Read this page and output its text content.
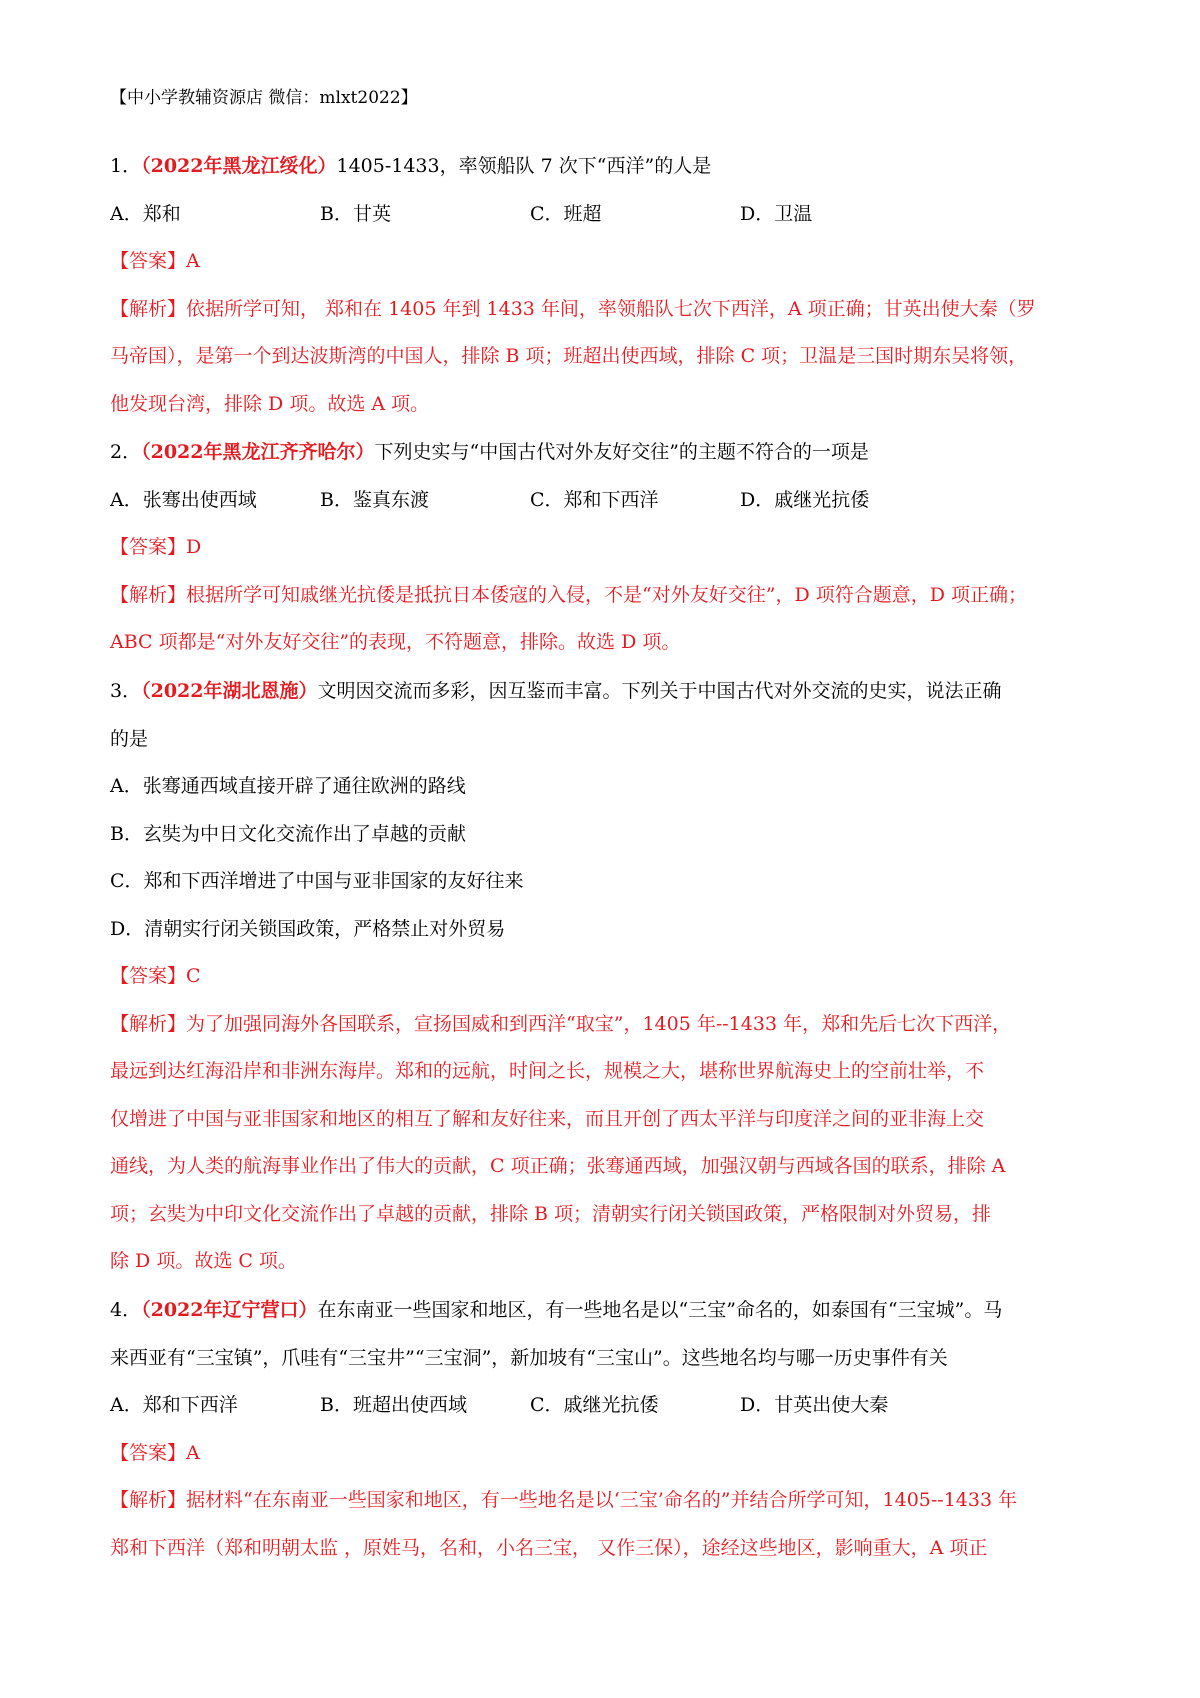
【中小学教辅资源店 微信：mlxt2022】
1．（2022年黑龙江绥化）1405-1433，率领船队 7 次下“西洋”的人是
A．郑和	B．甘英	C．班超	D．卫温
【答案】A
【解析】依据所学可知， 郑和在 1405 年到 1433 年间，率领船队七次下西洋，A 项正确；甘英出使大秦（罗
马帝国），是第一个到达波斯湾的中国人，排除 B 项；班超出使西域，排除 C 项；卫温是三国时期东吴将领，
他发现台湾，排除 D 项。故选 A 项。
2．（2022年黑龙江齐齐哈尔）下列史实与“中国古代对外友好交往”的主题不符合的一项是
A．张骞出使西域	B．鉴真东渡	C．郑和下西洋	D．戚继光抗倭
【答案】D
【解析】根据所学可知戚继光抗倭是抵抗日本倭寇的入侵，不是“对外友好交往”，D 项符合题意，D 项正确；
ABC 项都是“对外友好交往”的表现，不符题意，排除。故选 D 项。
3．（2022年湖北恩施）文明因交流而多彩，因互鉴而丰富。下列关于中国古代对外交流的史实，说法正确
的是
A．张骞通西域直接开辟了通往欧洲的路线
B．玄奘为中日文化交流作出了卓越的贡献
C．郑和下西洋增进了中国与亚非国家的友好往来
D．清朝实行闭关锁国政策，严格禁止对外贸易
【答案】C
【解析】为了加强同海外各国联系，宣扬国威和到西洋“取宝”，1405 年--1433 年，郑和先后七次下西洋，
最远到达红海沿岸和非洲东海岸。郑和的远航，时间之长，规模之大，堪称世界航海史上的空前壮举，不
仅增进了中国与亚非国家和地区的相互了解和友好往来，而且开创了西太平洋与印度洋之间的亚非海上交
通线，为人类的航海事业作出了伟大的贡献，C 项正确；张骞通西域，加强汉朝与西域各国的联系，排除 A
项；玄奘为中印文化交流作出了卓越的贡献，排除 B 项；清朝实行闭关锁国政策，严格限制对外贸易，排
除 D 项。故选 C 项。
4．（2022年辽宁营口）在东南亚一些国家和地区，有一些地名是以“三宝”命名的，如泰国有“三宝城”。马
来西亚有“三宝镇”，爪哇有“三宝井”“三宝洞”，新加坡有“三宝山”。这些地名均与哪一历史事件有关
A．郑和下西洋	B．班超出使西域	C．戚继光抗倭	D．甘英出使大秦
【答案】A
【解析】据材料“在东南亚一些国家和地区，有一些地名是以‘三宝’命名的”并结合所学可知，1405--1433 年
郑和下西洋（郑和明朝太监 ，原姓马，名和，小名三宝， 又作三保），途经这些地区，影响重大，A 项正
